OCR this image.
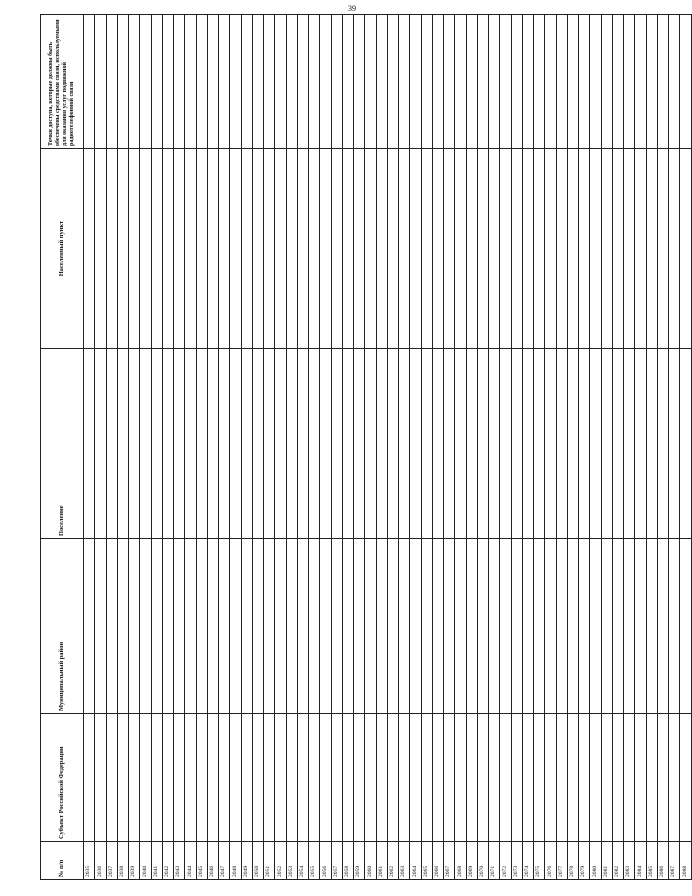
39
№ п/п	Субъект Российской Федерации	Муниципальный район	Поселение	Населенный пункт	Точки доступа, которые должны быть обеспечены средствами связи, используемыми для оказания услуг подвижной радиотелефонной связи
2035					
2036					
2037					
2038					
2039					
2040					
2041					
2042					
2043					
2044					
2045					
2046					
2047					
2048					
2049					
2050					
2051					
2052					
2053					
2054					
2055					
2056					
2057					
2058					
2059					
2060					
2061					
2062					
2063					
2064					
2065					
2066					
2067					
2068					
2069					
2070					
2071					
2072					
2073					
2074					
2075					
2076					
2077					
2078					
2079					
2080					
2081					
2082					
2083					
2084					
2085					
2086					
2087					
2088					
